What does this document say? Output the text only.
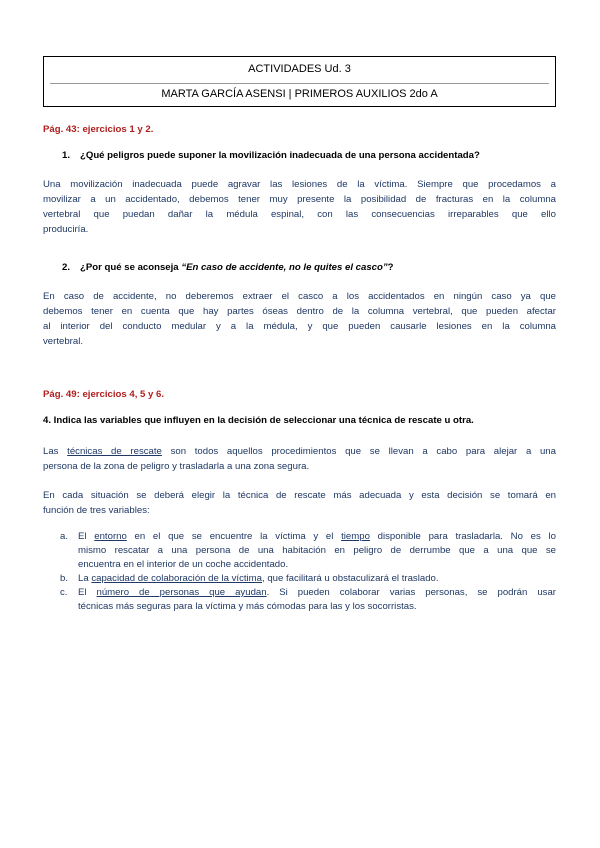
ACTIVIDADES Ud. 3
MARTA GARCÍA ASENSI | PRIMEROS AUXILIOS 2do A
Pág. 43: ejercicios 1 y 2.
1. ¿Qué peligros puede suponer la movilización inadecuada de una persona accidentada?
Una movilización inadecuada puede agravar las lesiones de la víctima. Siempre que procedamos a
movilizar a un accidentado, debemos tener muy presente la posibilidad de fracturas en la columna
vertebral que puedan dañar la médula espinal, con las consecuencias irreparables que ello
produciría.
2. ¿Por qué se aconseja “En caso de accidente, no le quites el casco”?
En caso de accidente, no deberemos extraer el casco a los accidentados en ningún caso ya que
debemos tener en cuenta que hay partes óseas dentro de la columna vertebral, que pueden afectar
al interior del conducto medular y a la médula, y que pueden causarle lesiones en la columna
vertebral.
Pág. 49: ejercicios 4, 5 y 6.
4. Indica las variables que influyen en la decisión de seleccionar una técnica de rescate u otra.
Las técnicas de rescate son todos aquellos procedimientos que se llevan a cabo para alejar a una
persona de la zona de peligro y trasladarla a una zona segura.
En cada situación se deberá elegir la técnica de rescate más adecuada y esta decisión se tomará en
función de tres variables:
a. El entorno en el que se encuentre la víctima y el tiempo disponible para trasladarla. No es lo
mismo rescatar a una persona de una habitación en peligro de derrumbe que a una que se
encuentra en el interior de un coche accidentado.
b. La capacidad de colaboración de la víctima, que facilitará u obstaculizará el traslado.
c. El número de personas que ayudan. Si pueden colaborar varias personas, se podrán usar
técnicas más seguras para la víctima y más cómodas para las y los socorristas.
